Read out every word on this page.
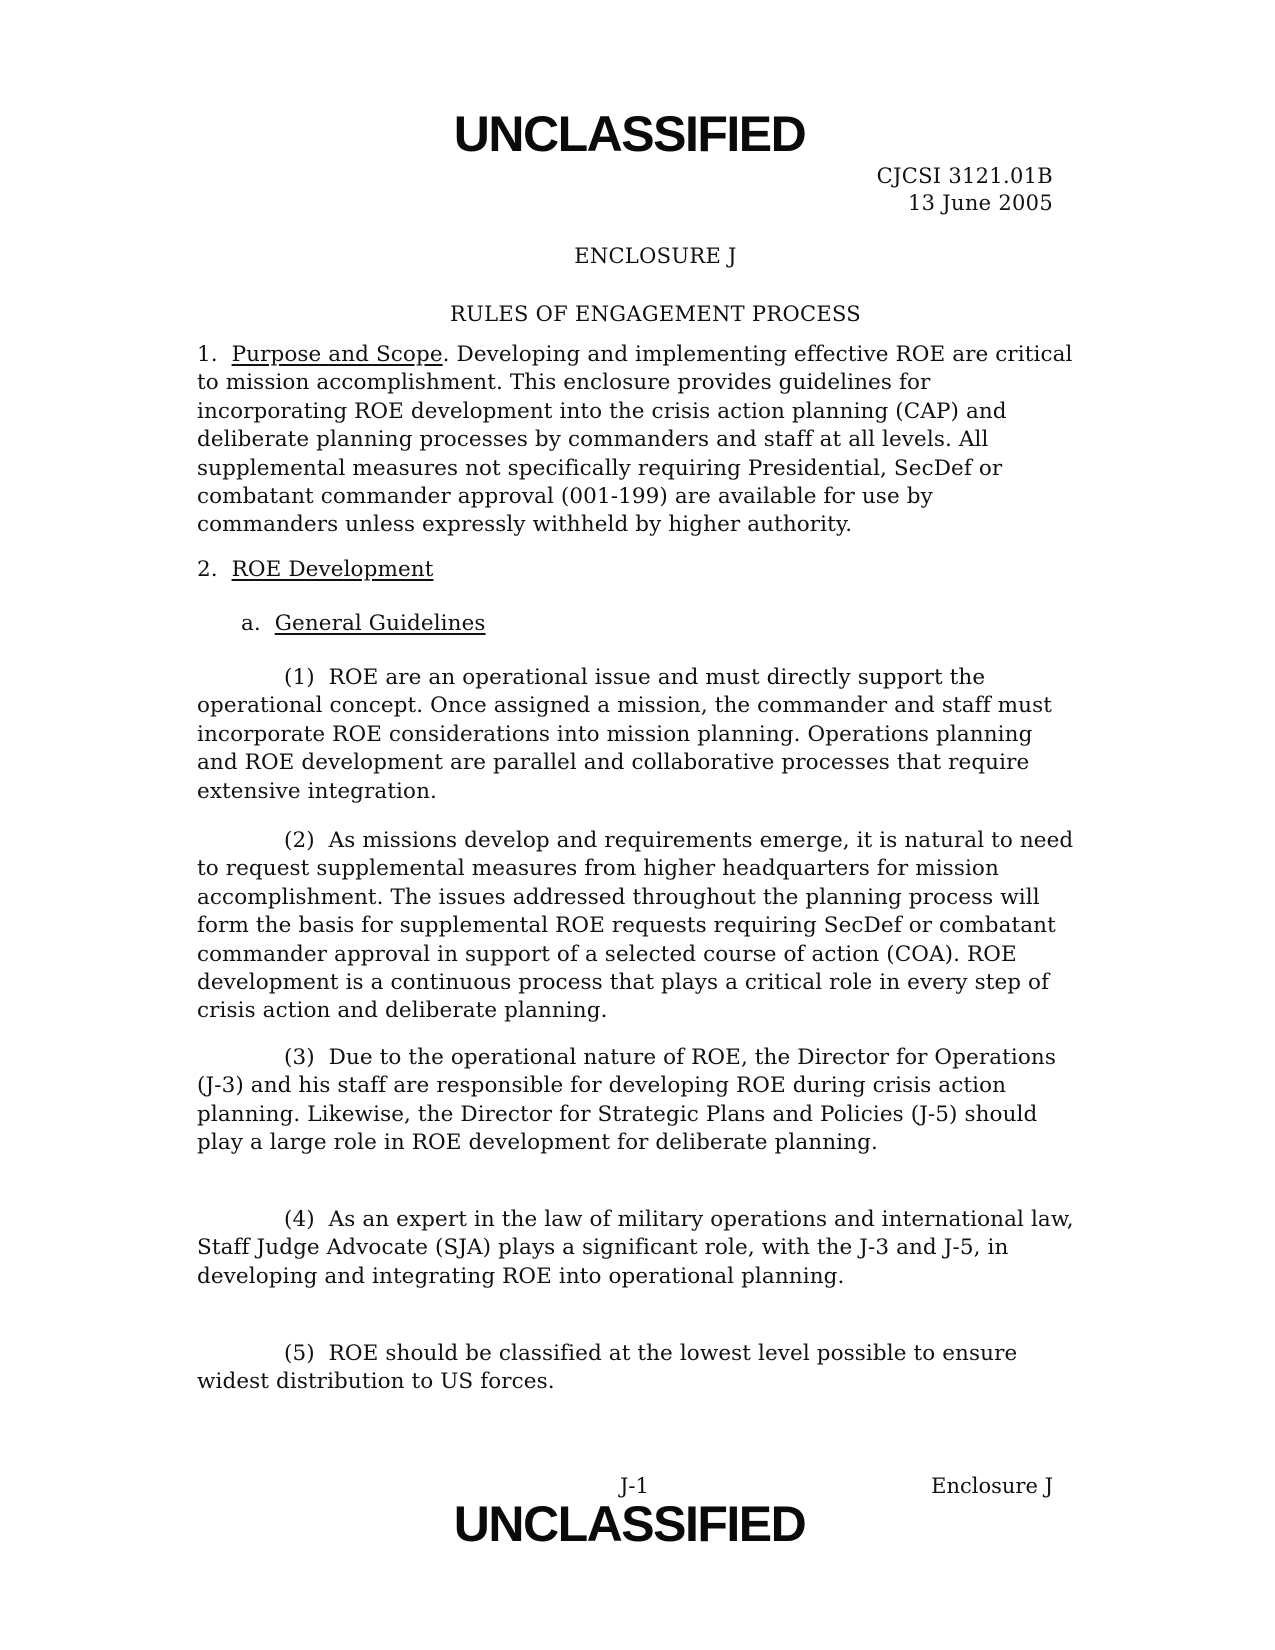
UNCLASSIFIED
CJCSI 3121.01B
13 June 2005
ENCLOSURE J
RULES OF ENGAGEMENT PROCESS
1. Purpose and Scope. Developing and implementing effective ROE are critical to mission accomplishment. This enclosure provides guidelines for incorporating ROE development into the crisis action planning (CAP) and deliberate planning processes by commanders and staff at all levels. All supplemental measures not specifically requiring Presidential, SecDef or combatant commander approval (001-199) are available for use by commanders unless expressly withheld by higher authority.
2. ROE Development
a. General Guidelines
(1) ROE are an operational issue and must directly support the operational concept. Once assigned a mission, the commander and staff must incorporate ROE considerations into mission planning. Operations planning and ROE development are parallel and collaborative processes that require extensive integration.
(2) As missions develop and requirements emerge, it is natural to need to request supplemental measures from higher headquarters for mission accomplishment. The issues addressed throughout the planning process will form the basis for supplemental ROE requests requiring SecDef or combatant commander approval in support of a selected course of action (COA). ROE development is a continuous process that plays a critical role in every step of crisis action and deliberate planning.
(3) Due to the operational nature of ROE, the Director for Operations (J-3) and his staff are responsible for developing ROE during crisis action planning. Likewise, the Director for Strategic Plans and Policies (J-5) should play a large role in ROE development for deliberate planning.
(4) As an expert in the law of military operations and international law, Staff Judge Advocate (SJA) plays a significant role, with the J-3 and J-5, in developing and integrating ROE into operational planning.
(5) ROE should be classified at the lowest level possible to ensure widest distribution to US forces.
J-1	Enclosure J
UNCLASSIFIED
